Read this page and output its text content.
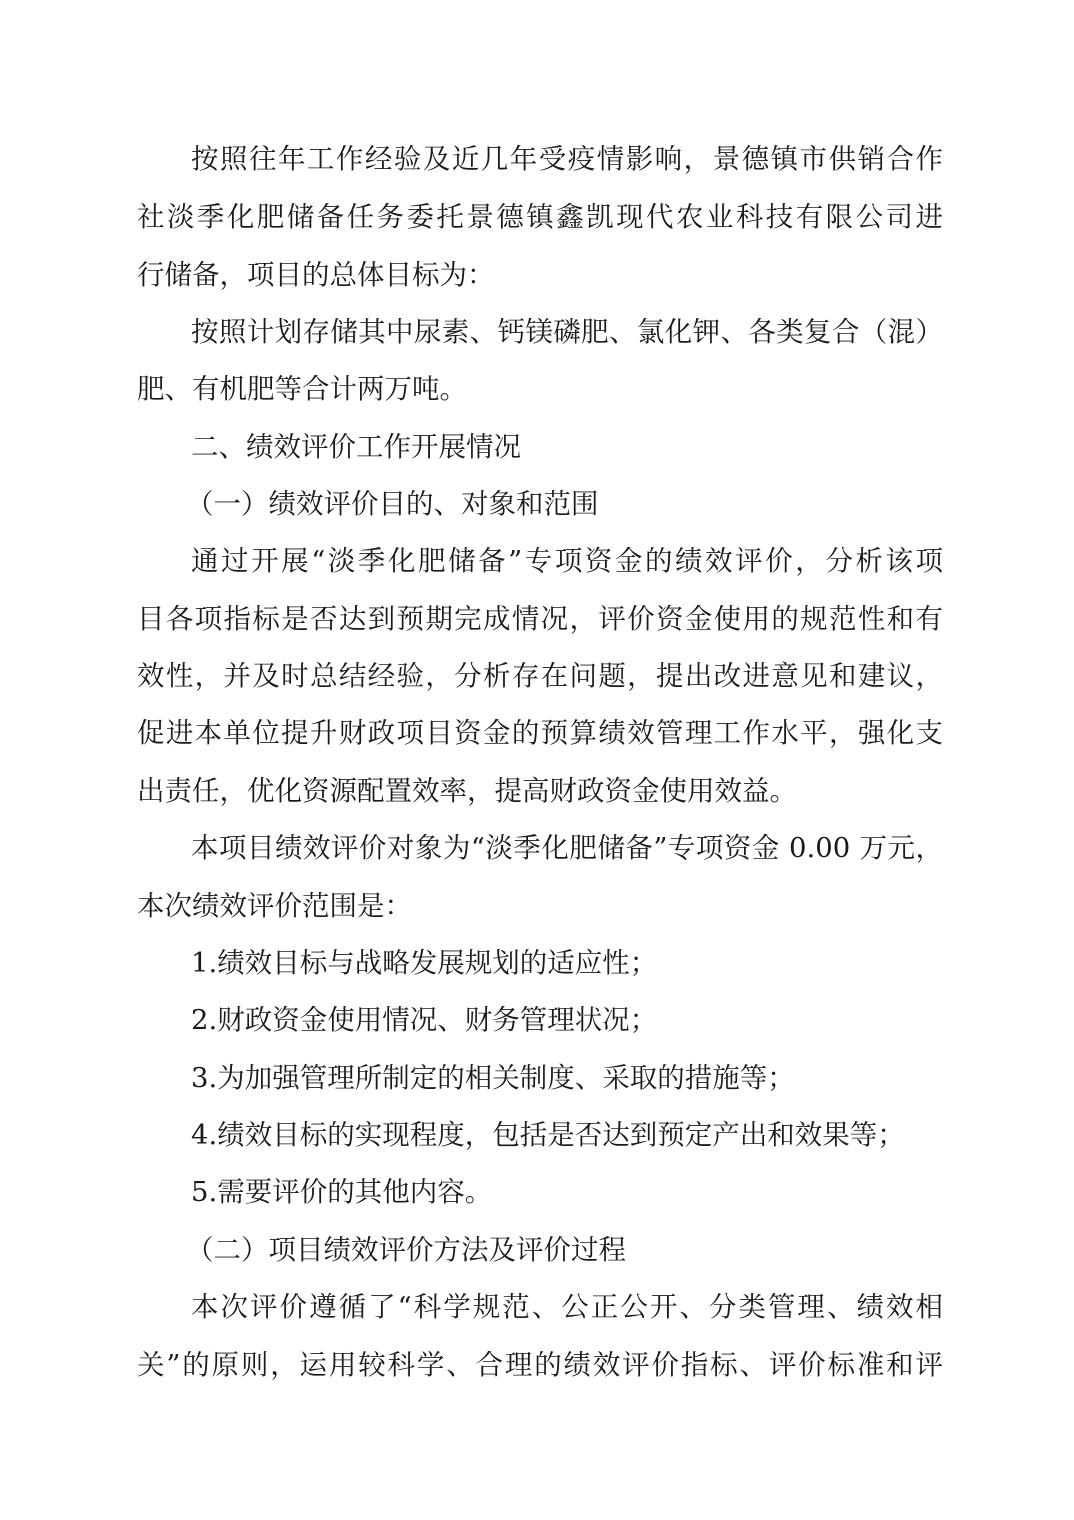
按照往年工作经验及近几年受疫情影响，景德镇市供销合作
社淡季化肥储备任务委托景德镇鑫凯现代农业科技有限公司进
行储备，项目的总体目标为：
按照计划存储其中尿素、钙镁磷肥、氯化钾、各类复合（混）
肥、有机肥等合计两万吨。
二、绩效评价工作开展情况
（一）绩效评价目的、对象和范围
通过开展“淡季化肥储备”专项资金的绩效评价，分析该项
目各项指标是否达到预期完成情况，评价资金使用的规范性和有
效性，并及时总结经验，分析存在问题，提出改进意见和建议，
促进本单位提升财政项目资金的预算绩效管理工作水平，强化支
出责任，优化资源配置效率，提高财政资金使用效益。
本项目绩效评价对象为“淡季化肥储备”专项资金 0.00 万元，
本次绩效评价范围是：
1.绩效目标与战略发展规划的适应性；
2.财政资金使用情况、财务管理状况；
3.为加强管理所制定的相关制度、采取的措施等；
4.绩效目标的实现程度，包括是否达到预定产出和效果等；
5.需要评价的其他内容。
（二）项目绩效评价方法及评价过程
本次评价遵循了“科学规范、公正公开、分类管理、绩效相
关”的原则，运用较科学、合理的绩效评价指标、评价标准和评
